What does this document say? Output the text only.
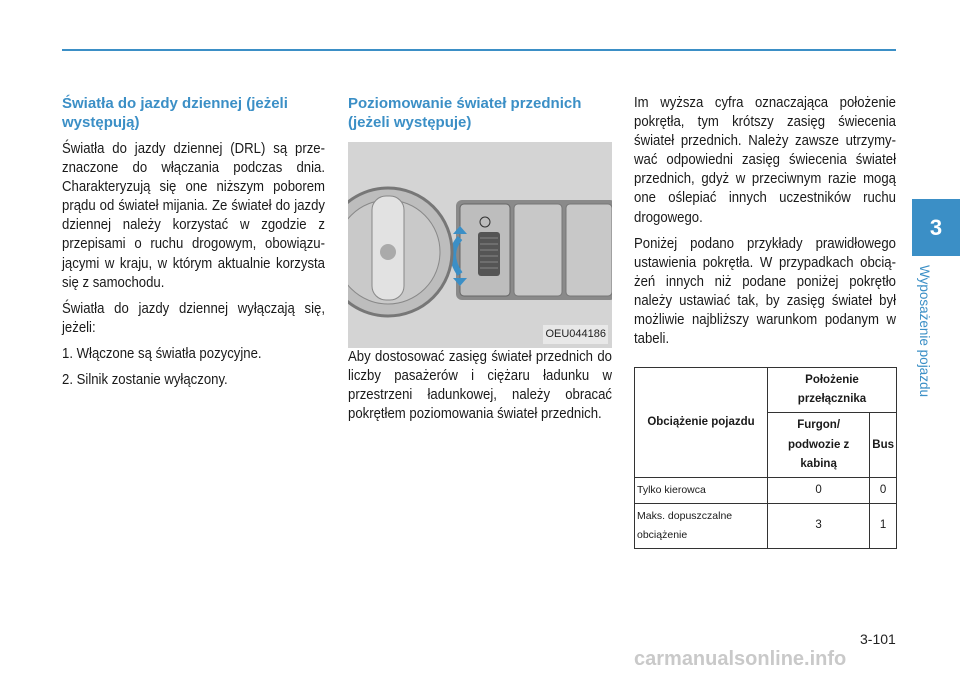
Światła do jazdy dziennej (jeżeli występują)

Światła do jazdy dziennej (DRL) są prze-znaczone do włączania podczas dnia. Charakteryzują się one niższym poborem prądu od świateł mijania. Ze świateł do jazdy dziennej należy korzystać w zgodzie z przepisami o ruchu drogowym, obowiązu-jącymi w kraju, w którym aktualnie korzysta się z samochodu.

Światła do jazdy dziennej wyłączają się, jeżeli:

1. Włączone są światła pozycyjne.

2. Silnik zostanie wyłączony.

Poziomowanie świateł przednich (jeżeli występuje)
OEU044186

Aby dostosować zasięg świateł przednich do liczby pasażerów i ciężaru ładunku w przestrzeni ładunkowej, należy obracać pokrętłem poziomowania świateł przednich.

Im wyższa cyfra oznaczająca położenie pokrętła, tym krótszy zasięg świecenia świateł przednich. Należy zawsze utrzymy-wać odpowiedni zasięg świecenia świateł przednich, gdyż w przeciwnym razie mogą one oślepiać innych uczestników ruchu drogowego.

Poniżej podano przykłady prawidłowego ustawienia pokrętła. W przypadkach obcią-żeń innych niż podane poniżej pokrętło należy ustawiać tak, by zasięg świateł był możliwie najbliższy warunkom podanym w tabeli.

Obciążenie pojazdu	Położenie przełącznika	
	Furgon/ podwozie z kabiną	Bus
Tylko kierowca	0	0
Maks. dopuszczalne obciążenie	3	1
3
Wyposażenie pojazdu
3-101
carmanualsonline.info
